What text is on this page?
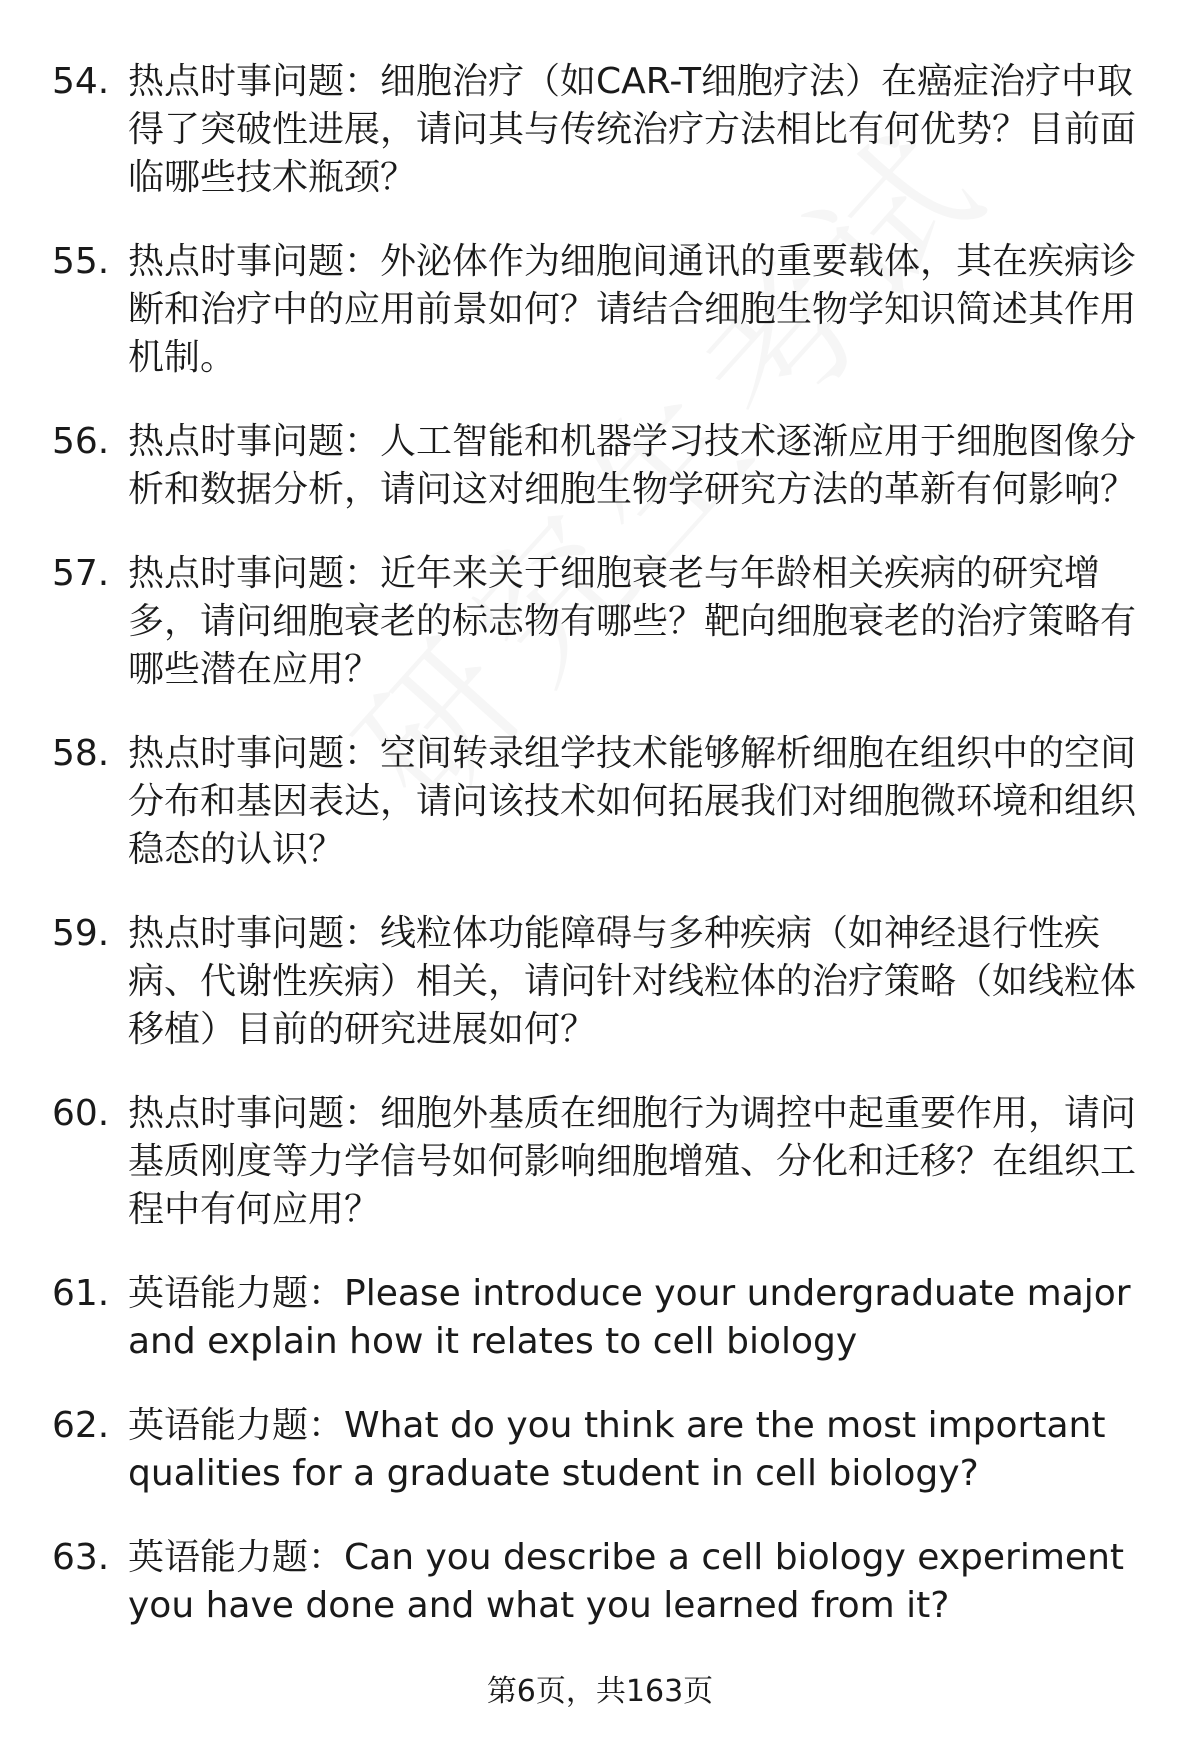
54. 热点时事问题：细胞治疗（如CAR-T细胞疗法）在癌症治疗中取得了突破性进展，请问其与传统治疗方法相比有何优势？目前面临哪些技术瓶颈？
55. 热点时事问题：外泌体作为细胞间通讯的重要载体，其在疾病诊断和治疗中的应用前景如何？请结合细胞生物学知识简述其作用机制。
56. 热点时事问题：人工智能和机器学习技术逐渐应用于细胞图像分析和数据分析，请问这对细胞生物学研究方法的革新有何影响？
57. 热点时事问题：近年来关于细胞衰老与年龄相关疾病的研究增多，请问细胞衰老的标志物有哪些？靶向细胞衰老的治疗策略有哪些潜在应用？
58. 热点时事问题：空间转录组学技术能够解析细胞在组织中的空间分布和基因表达，请问该技术如何拓展我们对细胞微环境和组织稳态的认识？
59. 热点时事问题：线粒体功能障碍与多种疾病（如神经退行性疾病、代谢性疾病）相关，请问针对线粒体的治疗策略（如线粒体移植）目前的研究进展如何？
60. 热点时事问题：细胞外基质在细胞行为调控中起重要作用，请问基质刚度等力学信号如何影响细胞增殖、分化和迁移？在组织工程中有何应用？
61. 英语能力题：Please introduce your undergraduate major and explain how it relates to cell biology
62. 英语能力题：What do you think are the most important qualities for a graduate student in cell biology?
63. 英语能力题：Can you describe a cell biology experiment you have done and what you learned from it?
第6页，共163页
